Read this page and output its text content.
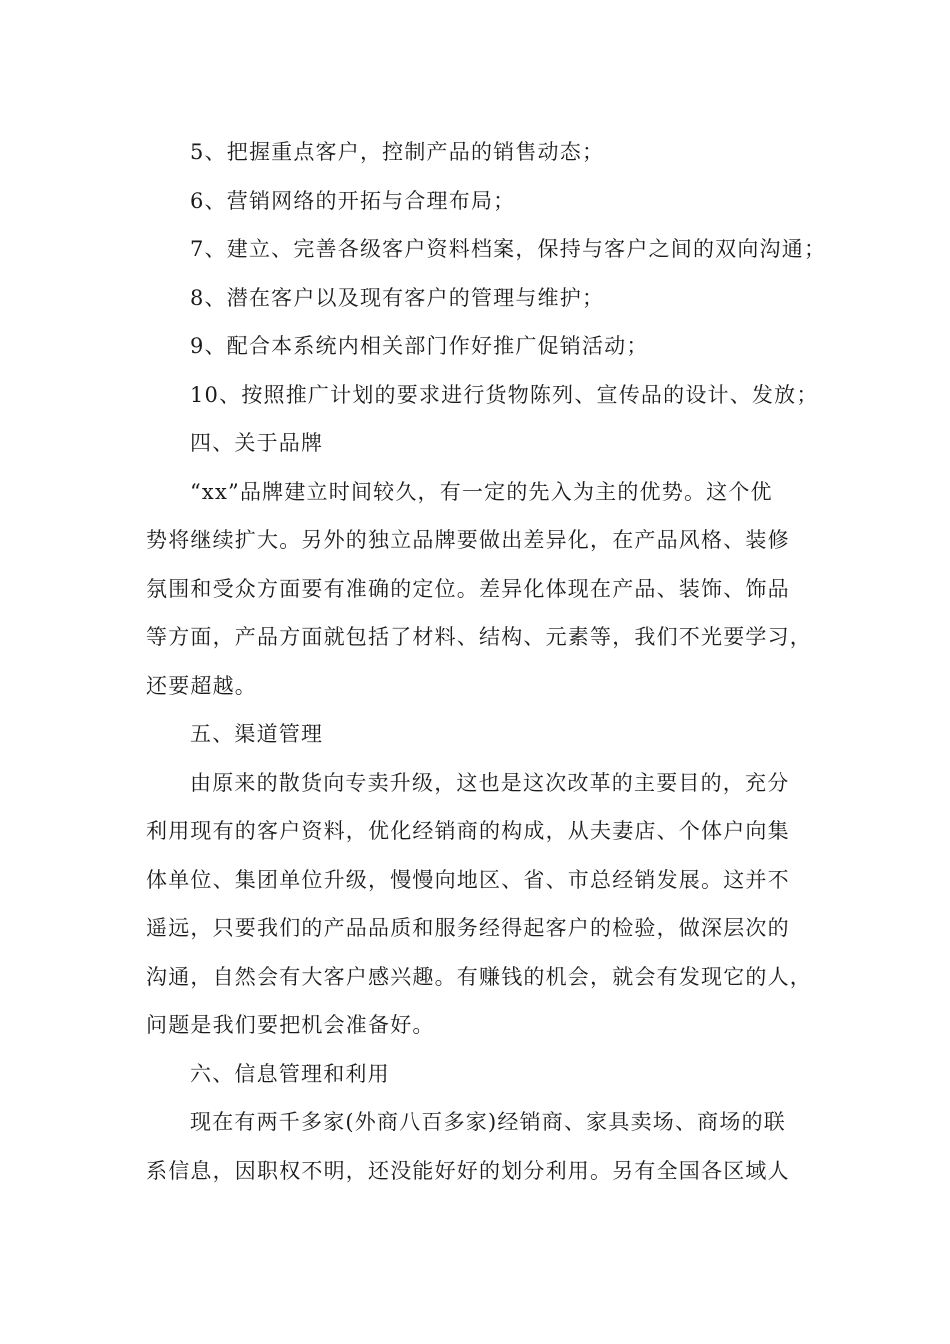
5、把握重点客户，控制产品的销售动态；
6、营销网络的开拓与合理布局；
7、建立、完善各级客户资料档案，保持与客户之间的双向沟通；
8、潜在客户以及现有客户的管理与维护；
9、配合本系统内相关部门作好推广促销活动；
10、按照推广计划的要求进行货物陈列、宣传品的设计、发放；
四、关于品牌
“xx”品牌建立时间较久，有一定的先入为主的优势。这个优
势将继续扩大。另外的独立品牌要做出差异化，在产品风格、装修
氛围和受众方面要有准确的定位。差异化体现在产品、装饰、饰品
等方面，产品方面就包括了材料、结构、元素等，我们不光要学习，
还要超越。
五、渠道管理
由原来的散货向专卖升级，这也是这次改革的主要目的，充分
利用现有的客户资料，优化经销商的构成，从夫妻店、个体户向集
体单位、集团单位升级，慢慢向地区、省、市总经销发展。这并不
遥远，只要我们的产品品质和服务经得起客户的检验，做深层次的
沟通，自然会有大客户感兴趣。有赚钱的机会，就会有发现它的人，
问题是我们要把机会准备好。
六、信息管理和利用
现在有两千多家(外商八百多家)经销商、家具卖场、商场的联
系信息，因职权不明，还没能好好的划分利用。另有全国各区域人
